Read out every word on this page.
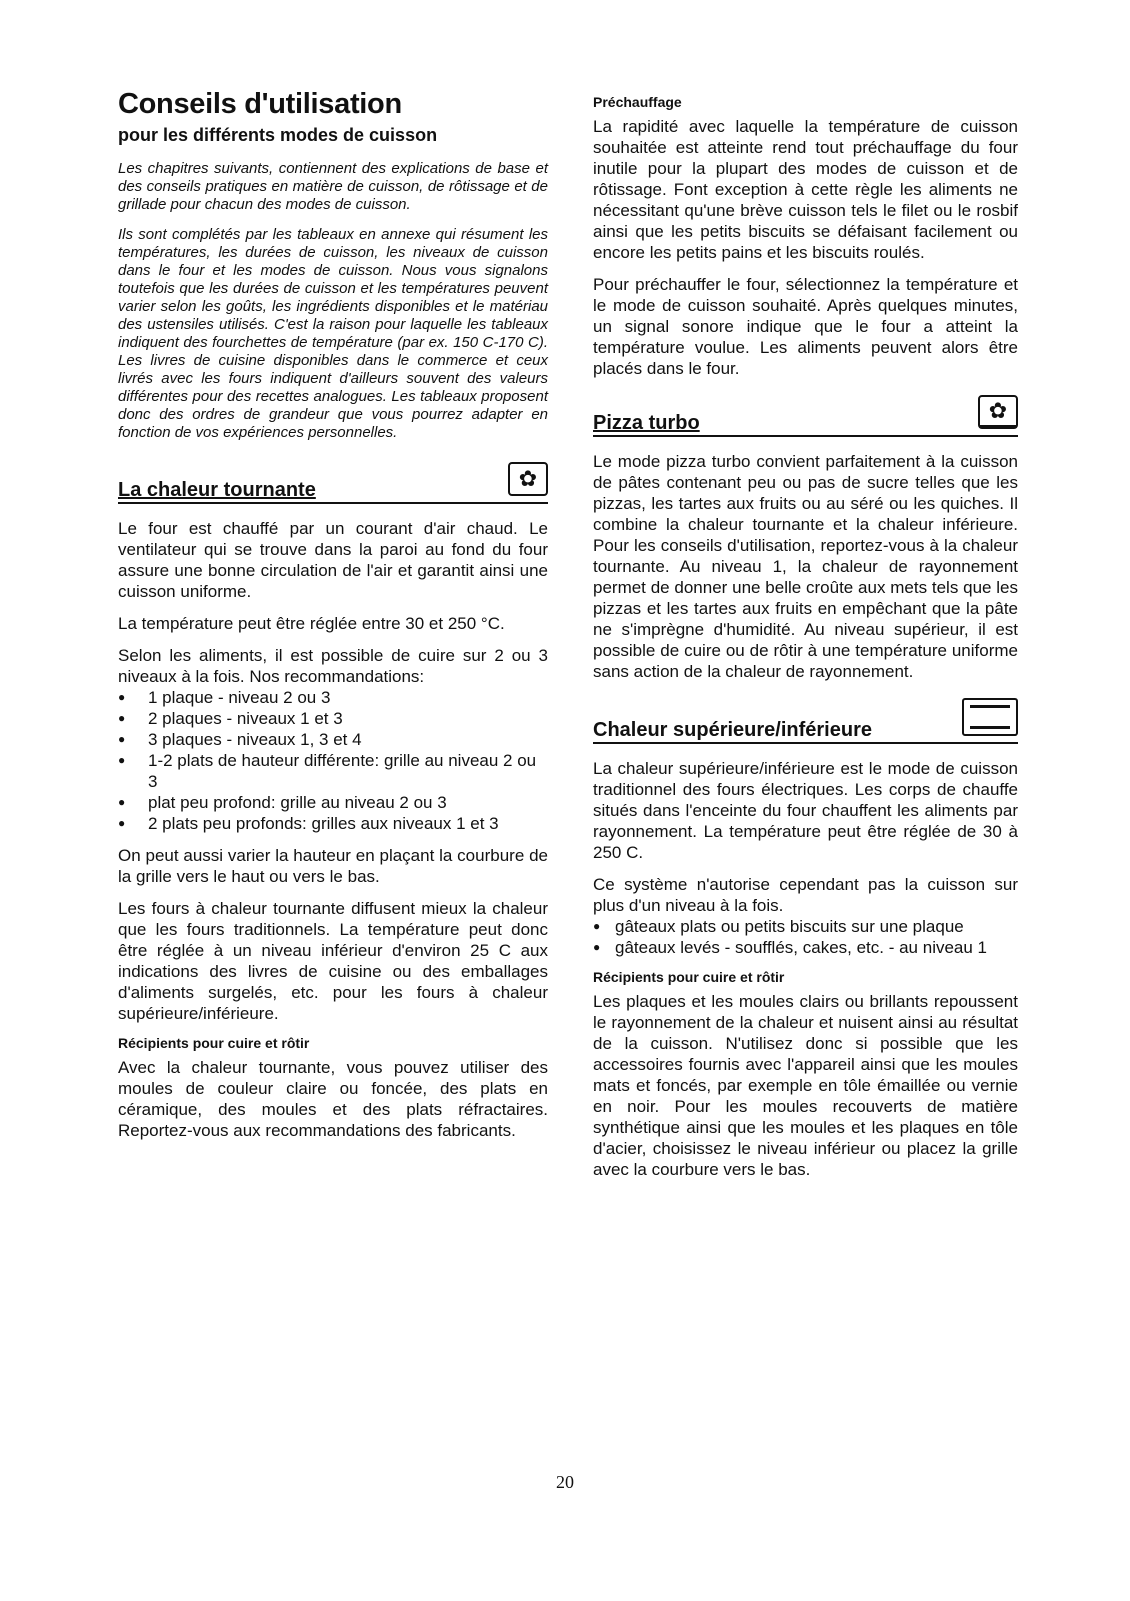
Conseils d'utilisation
pour les différents modes de cuisson

Les chapitres suivants, contiennent des explications de base et des conseils pratiques en matière de cuisson, de rôtissage et de grillade pour chacun des modes de cuisson.

Ils sont complétés par les tableaux en annexe qui résument les températures, les durées de cuisson, les niveaux de cuisson dans le four et les modes de cuisson. Nous vous signalons toutefois que les durées de cuisson et les températures peuvent varier selon les goûts, les ingrédients disponibles et le matériau des ustensiles utilisés. C'est la raison pour laquelle les tableaux indiquent des fourchettes de température (par ex. 150 C-170 C). Les livres de cuisine disponibles dans le commerce et ceux livrés avec les fours indiquent d'ailleurs souvent des valeurs différentes pour des recettes analogues. Les tableaux proposent donc des ordres de grandeur que vous pourrez adapter en fonction de vos expériences personnelles.

La chaleur tournante	✿

Le four est chauffé par un courant d'air chaud. Le ventilateur qui se trouve dans la paroi au fond du four assure une bonne circulation de l'air et garantit ainsi une cuisson uniforme.

La température peut être réglée entre 30 et 250 °C.

Selon les aliments, il est possible de cuire sur 2 ou 3 niveaux à la fois. Nos recommandations:

● 1 plaque - niveau 2 ou 3
● 2 plaques - niveaux 1 et 3
● 3 plaques - niveaux 1, 3 et 4
● 1-2 plats de hauteur différente: grille au niveau 2 ou 3
● plat peu profond: grille au niveau 2 ou 3
● 2 plats peu profonds: grilles aux niveaux 1 et 3

On peut aussi varier la hauteur en plaçant la courbure de la grille vers le haut ou vers le bas.

Les fours à chaleur tournante diffusent mieux la chaleur que les fours traditionnels. La température peut donc être réglée à un niveau inférieur d'environ 25 C aux indications des livres de cuisine ou des emballages d'aliments surgelés, etc. pour les fours à chaleur supérieure/inférieure.

Récipients pour cuire et rôtir

Avec la chaleur tournante, vous pouvez utiliser des moules de couleur claire ou foncée, des plats en céramique, des moules et des plats réfractaires. Reportez-vous aux recommandations des fabricants.

Préchauffage

La rapidité avec laquelle la température de cuisson souhaitée est atteinte rend tout préchauffage du four inutile pour la plupart des modes de cuisson et de rôtissage. Font exception à cette règle les aliments ne nécessitant qu'une brève cuisson tels le filet ou le rosbif ainsi que les petits biscuits se défaisant facilement ou encore les petits pains et les biscuits roulés.

Pour préchauffer le four, sélectionnez la température et le mode de cuisson souhaité. Après quelques minutes, un signal sonore indique que le four a atteint la température voulue. Les aliments peuvent alors être placés dans le four.

Pizza turbo	✿

Le mode pizza turbo convient parfaitement à la cuisson de pâtes contenant peu ou pas de sucre telles que les pizzas, les tartes aux fruits ou au séré ou les quiches. Il combine la chaleur tournante et la chaleur inférieure. Pour les conseils d'utilisation, reportez-vous à la chaleur tournante. Au niveau 1, la chaleur de rayonnement permet de donner une belle croûte aux mets tels que les pizzas et les tartes aux fruits en empêchant que la pâte ne s'imprègne d'humidité. Au niveau supérieur, il est possible de cuire ou de rôtir à une température uniforme sans action de la chaleur de rayonnement.

Chaleur supérieure/inférieure

La chaleur supérieure/inférieure est le mode de cuisson traditionnel des fours électriques. Les corps de chauffe situés dans l'enceinte du four chauffent les aliments par rayonnement. La température peut être réglée de 30 à 250 C.

Ce système n'autorise cependant pas la cuisson sur plus d'un niveau à la fois.

● gâteaux plats ou petits biscuits sur une plaque
● gâteaux levés - soufflés, cakes, etc. - au niveau 1
Récipients pour cuire et rôtir

Les plaques et les moules clairs ou brillants repoussent le rayonnement de la chaleur et nuisent ainsi au résultat de la cuisson. N'utilisez donc si possible que les accessoires fournis avec l'appareil ainsi que les moules mats et foncés, par exemple en tôle émaillée ou vernie en noir. Pour les moules recouverts de matière synthétique ainsi que les moules et les plaques en tôle d'acier, choisissez le niveau inférieur ou placez la grille avec la courbure vers le bas.

20
